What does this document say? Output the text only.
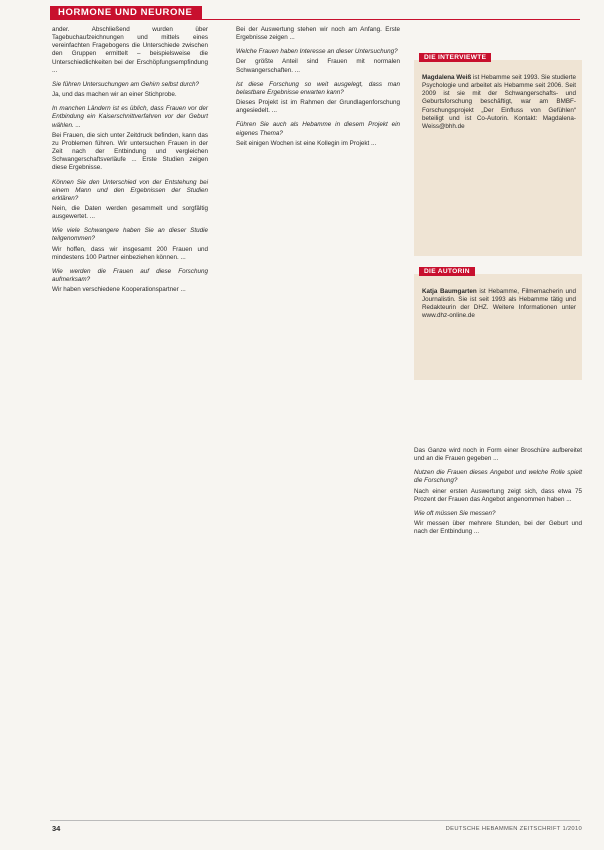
HORMONE UND NEURONE

ander. Abschließend wurden über Tagebuchaufzeichnungen und mittels eines vereinfachten Fragebogens die Unterschiede zwischen den Gruppen ermittelt – beispielsweise die Unterschiedlichkeiten bei der Erschöpfungsempfindung ...

Sie führen Untersuchungen am Gehirn selbst durch?

Ja, und das machen wir an einer Stichprobe.

In manchen Ländern ist es üblich, dass Frauen vor der Entbindung ein Kaiserschnittverfahren vor der Geburt wählen. ...

Bei Frauen, die sich unter Zeitdruck befinden, kann das zu Problemen führen. Wir untersuchen Frauen in der Zeit nach der Entbindung und vergleichen Schwangerschaftsverläufe ... Erste Studien zeigen diese Ergebnisse.

Können Sie den Unterschied von der Entstehung bei einem Mann und den Ergebnissen der Studien erklären?

Nein, die Daten werden gesammelt und sorgfältig ausgewertet. ...

Wie viele Schwangere haben Sie an dieser Studie teilgenommen?

Wir hoffen, dass wir insgesamt 200 Frauen und mindestens 100 Partner einbeziehen können. ...

Wie werden die Frauen auf diese Forschung aufmerksam?

Wir haben verschiedene Kooperationspartner ...

Bei der Auswertung stehen wir noch am Anfang. Erste Ergebnisse zeigen ...

Welche Frauen haben Interesse an dieser Untersuchung?

Der größte Anteil sind Frauen mit normalen Schwangerschaften. ...

Ist diese Forschung so weit ausgelegt, dass man belastbare Ergebnisse erwarten kann?

Dieses Projekt ist im Rahmen der Grundlagenforschung angesiedelt. ...

Führen Sie auch als Hebamme in diesem Projekt ein eigenes Thema?

Seit einigen Wochen ist eine Kollegin im Projekt ...

DIE INTERVIEWTE
Magdalena Weiß ist Hebamme seit 1993. Sie studierte Psychologie und arbeitet als Hebamme seit 2006. Seit 2009 ist sie mit der Schwangerschafts- und Geburtsforschung beschäftigt, war am BMBF-Forschungsprojekt „Der Einfluss von Gefühlen“ beteiligt und ist Co-Autorin. Kontakt: Magdalena-Weiss@bhh.de
DIE AUTORIN
Katja Baumgarten ist Hebamme, Filmemacherin und Journalistin. Sie ist seit 1993 als Hebamme tätig und Redakteurin der DHZ. Weitere Informationen unter www.dhz-online.de

Das Ganze wird noch in Form einer Broschüre aufbereitet und an die Frauen gegeben ...

Nutzen die Frauen dieses Angebot und welche Rolle spielt die Forschung?

Nach einer ersten Auswertung zeigt sich, dass etwa 75 Prozent der Frauen das Angebot angenommen haben ...

Wie oft müssen Sie messen?

Wir messen über mehrere Stunden, bei der Geburt und nach der Entbindung ...

34	DEUTSCHE HEBAMMEN ZEITSCHRIFT 1/2010
